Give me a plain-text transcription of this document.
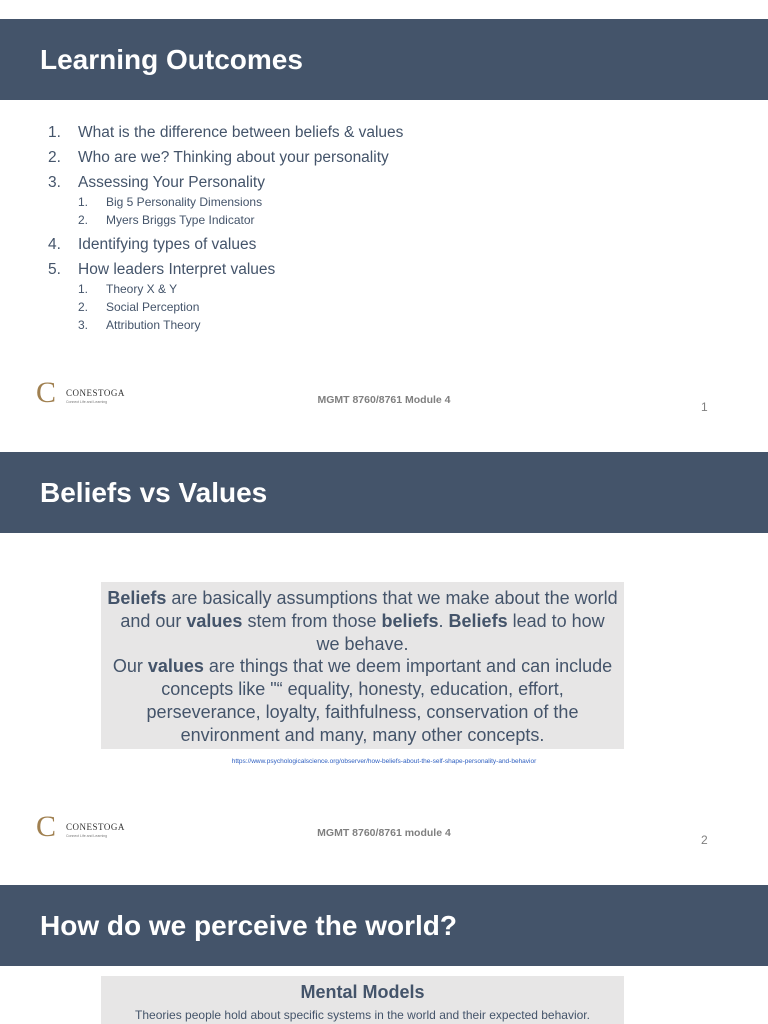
Learning Outcomes
1. What is the difference between beliefs & values
2. Who are we? Thinking about your personality
3. Assessing Your Personality
1. Big 5 Personality Dimensions
2. Myers Briggs Type Indicator
4. Identifying types of values
5. How leaders Interpret values
1. Theory X & Y
2. Social Perception
3. Attribution Theory
C CONESTOGA
Connect Life and Learning	MGMT 8760/8761 Module 4	1
Beliefs vs Values
Beliefs are basically assumptions that we make about the world and our values stem from those beliefs. Beliefs lead to how we behave.
Our values are things that we deem important and can include concepts like "“ equality, honesty, education, effort, perseverance, loyalty, faithfulness, conservation of the environment and many, many other concepts.
https://www.psychologicalscience.org/observer/how-beliefs-about-the-self-shape-personality-and-behavior
C CONESTOGA
Connect Life and Learning	MGMT 8760/8761 module 4	2
How do we perceive the world?
Mental Models
Theories people hold about specific systems in the world and their expected behavior.
